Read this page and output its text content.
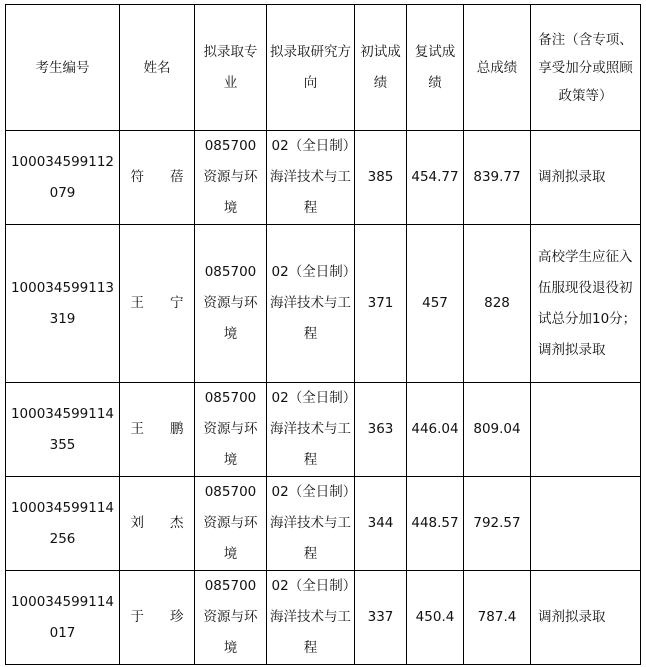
考生编号	姓名	拟录取专业	拟录取研究方向	初试成绩	复试成绩	总成绩	备注（含专项、享受加分或照顾政策等）
100034599112079	符 蓓	085700资源与环境	02（全日制）海洋技术与工程	385	454.77	839.77	调剂拟录取
100034599113319	王 宁	085700资源与环境	02（全日制）海洋技术与工程	371	457	828	高校学生应征入伍服现役退役初试总分加10分；调剂拟录取
100034599114355	王 鹏	085700资源与环境	02（全日制）海洋技术与工程	363	446.04	809.04	
100034599114256	刘 杰	085700资源与环境	02（全日制）海洋技术与工程	344	448.57	792.57	
100034599114017	于 珍	085700资源与环境	02（全日制）海洋技术与工程	337	450.4	787.4	调剂拟录取
